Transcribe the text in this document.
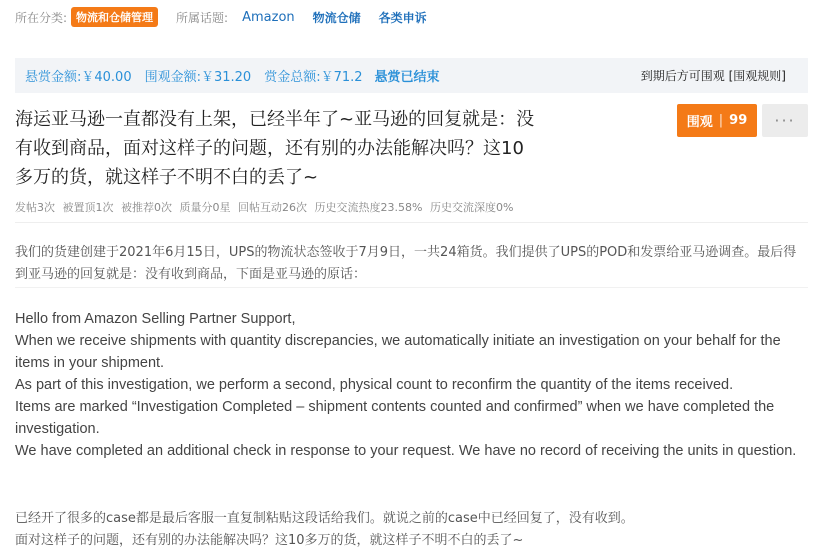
所在分类: 物流和仓储管理	所属话题: Amazon 物流仓储 各类申诉
悬赏金额:￥40.00 围观金额:￥31.20 赏金总额:￥71.2 悬赏已结束	到期后方可围观 [围观规则]
海运亚马逊一直都没有上架，已经半年了~亚马逊的回复就是：没有收到商品，面对这样子的问题，还有别的办法能解决吗？这10多万的货，就这样子不明不白的丢了~
围观 | 99	···
发帖3次 被置顶1次 被推荐0次 质量分0星 回帖互动26次 历史交流热度23.58% 历史交流深度0%

我们的货建创建于2021年6月15日，UPS的物流状态签收于7月9日，一共24箱货。我们提供了UPS的POD和发票给亚马逊调查。最后得到亚马逊的回复就是：没有收到商品，下面是亚马逊的原话：

Hello from Amazon Selling Partner Support,

When we receive shipments with quantity discrepancies, we automatically initiate an investigation on your behalf for the items in your shipment.

As part of this investigation, we perform a second, physical count to reconfirm the quantity of the items received.

Items are marked “Investigation Completed – shipment contents counted and confirmed” when we have completed the investigation.

We have completed an additional check in response to your request. We have no record of receiving the units in question.

已经开了很多的case都是最后客服一直复制粘贴这段话给我们。就说之前的case中已经回复了，没有收到。

面对这样子的问题，还有别的办法能解决吗？这10多万的货，就这样子不明不白的丢了~
